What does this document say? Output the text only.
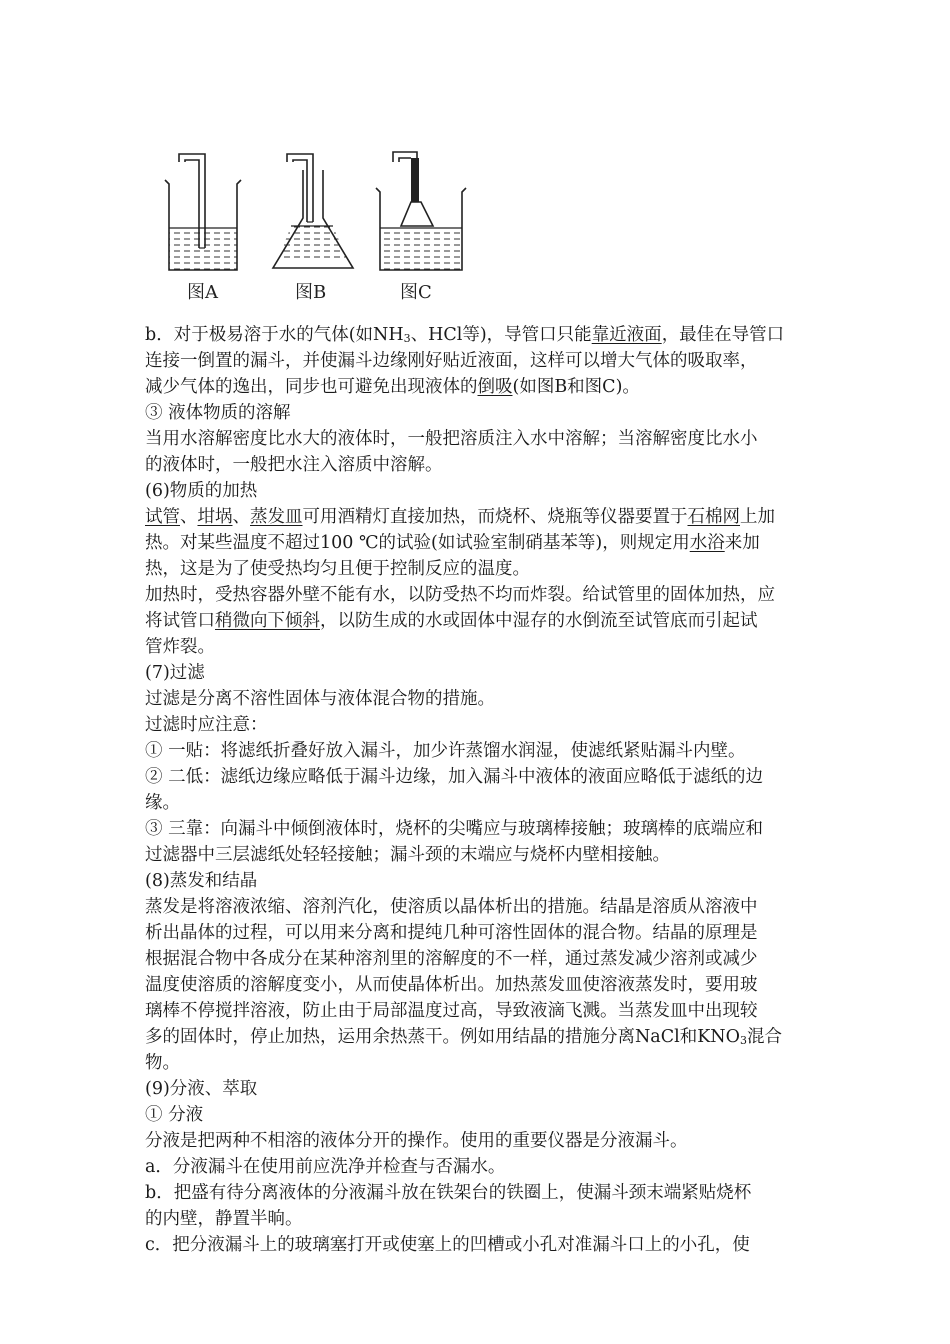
图A	图B	图C
b．对于极易溶于水的气体(如$NH_3$、HCl等)，导管口只能靠近液面，最佳在导管口
连接一倒置的漏斗，并使漏斗边缘刚好贴近液面，这样可以增大气体的吸取率，
减少气体的逸出，同步也可避免出现液体的倒吸(如图B和图C)。
③ 液体物质的溶解
当用水溶解密度比水大的液体时，一般把溶质注入水中溶解；当溶解密度比水小
的液体时，一般把水注入溶质中溶解。
(6)物质的加热
试管、坩埚、蒸发皿可用酒精灯直接加热，而烧杯、烧瓶等仪器要置于石棉网上加
热。对某些温度不超过100 ℃的试验(如试验室制硝基苯等)，则规定用水浴来加
热，这是为了使受热均匀且便于控制反应的温度。
加热时，受热容器外壁不能有水，以防受热不均而炸裂。给试管里的固体加热，应
将试管口稍微向下倾斜，以防生成的水或固体中湿存的水倒流至试管底而引起试
管炸裂。
(7)过滤
过滤是分离不溶性固体与液体混合物的措施。
过滤时应注意：
① 一贴：将滤纸折叠好放入漏斗，加少许蒸馏水润湿，使滤纸紧贴漏斗内壁。
② 二低：滤纸边缘应略低于漏斗边缘，加入漏斗中液体的液面应略低于滤纸的边
缘。
③ 三靠：向漏斗中倾倒液体时，烧杯的尖嘴应与玻璃棒接触；玻璃棒的底端应和
过滤器中三层滤纸处轻轻接触；漏斗颈的末端应与烧杯内壁相接触。
(8)蒸发和结晶
蒸发是将溶液浓缩、溶剂汽化，使溶质以晶体析出的措施。结晶是溶质从溶液中
析出晶体的过程，可以用来分离和提纯几种可溶性固体的混合物。结晶的原理是
根据混合物中各成分在某种溶剂里的溶解度的不一样，通过蒸发减少溶剂或减少
温度使溶质的溶解度变小，从而使晶体析出。加热蒸发皿使溶液蒸发时，要用玻
璃棒不停搅拌溶液，防止由于局部温度过高，导致液滴飞溅。当蒸发皿中出现较
多的固体时，停止加热，运用余热蒸干。例如用结晶的措施分离NaCl和$KNO_3$混合
物。
(9)分液、萃取
① 分液
分液是把两种不相溶的液体分开的操作。使用的重要仪器是分液漏斗。
a．分液漏斗在使用前应洗净并检查与否漏水。
b．把盛有待分离液体的分液漏斗放在铁架台的铁圈上，使漏斗颈末端紧贴烧杯
的内壁，静置半晌。
c．把分液漏斗上的玻璃塞打开或使塞上的凹槽或小孔对准漏斗口上的小孔，使
